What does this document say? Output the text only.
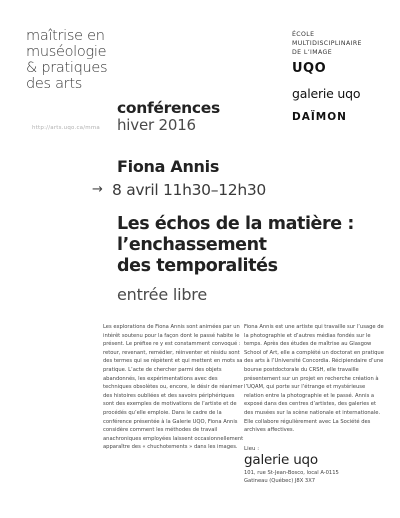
maîtrise en
muséologie
& pratiques
des arts
http://arts.uqo.ca/mma
conférences
hiver 2016
ÉCOLE
MULTIDISCIPLINAIRE
DE L’IMAGE
UQO
galerie uqo
DAÏMON
Fiona Annis
→ 8 avril 11h30–12h30
Les échos de la matière :
l’enchassement
des temporalités
entrée libre

Les explorations de Fiona Annis sont animées par un intérêt soutenu pour la façon dont le passé habite le présent. Le préfixe re y est constamment convoqué : retour, revenant, remédier, réinventer et résidu sont des termes qui se répètent et qui mettent en mots sa pratique. L’acte de chercher parmi des objets abandonnés, les expérimentations avec des techniques obsolètes ou, encore, le désir de réanimer des histoires oubliées et des savoirs périphériques sont des exemples de motivations de l’artiste et de procédés qu’elle emploie. Dans le cadre de la conférence présentée à la Galerie UQO, Fiona Annis considère comment les méthodes de travail anachroniques employées laissent occasionnellement apparaître des « chuchotements » dans les images.

Fiona Annis est une artiste qui travaille sur l’usage de la photographie et d’autres médias fondés sur le temps. Après des études de maîtrise au Glasgow School of Art, elle a complété un doctorat en pratique des arts à l’Université Concordia. Récipiendaire d’une bourse postdoctorale du CRSH, elle travaille présentement sur un projet en recherche création à l’UQAM, qui porte sur l’étrange et mystérieuse relation entre la photographie et le passé. Annis a exposé dans des centres d’artistes, des galeries et des musées sur la scène nationale et internationale. Elle collabore régulièrement avec La Société des archives affectives.

Lieu :
galerie uqo
101, rue St-Jean-Bosco, local A-0115
Gatineau (Québec) J8X 3X7
